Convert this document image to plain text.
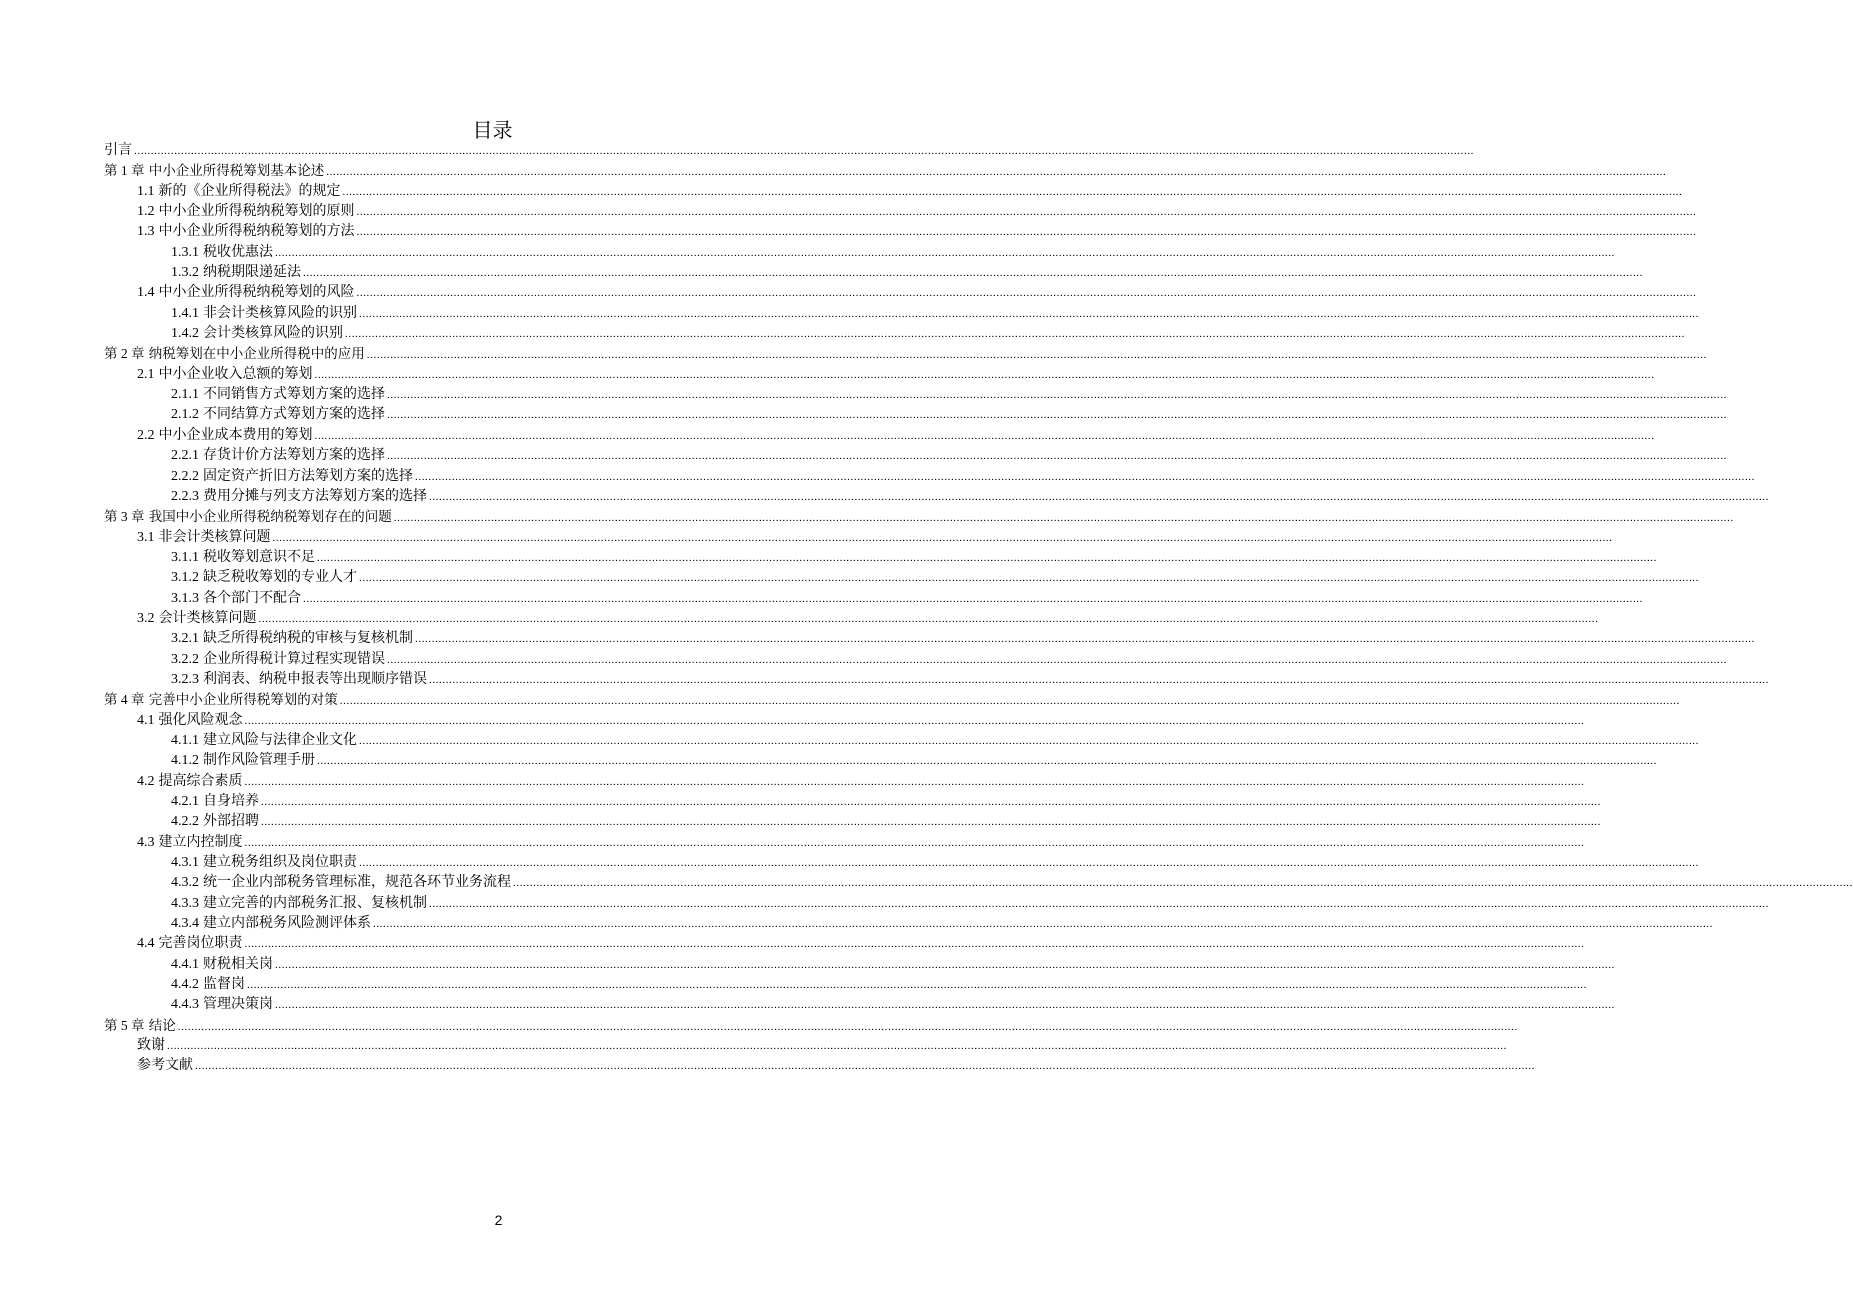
目录
引言 ................................................................................................................................................................................................................................................................................................................................................................................................................
第 1 章 中小企业所得税筹划基本论述 ................................................................................................................................................................................................................................................................................................................................................................................................................
1.1 新的《企业所得税法》的规定 ................................................................................................................................................................................................................................................................................................................................................................................................................
1.2 中小企业所得税纳税筹划的原则 ................................................................................................................................................................................................................................................................................................................................................................................................................
1.3 中小企业所得税纳税筹划的方法 ................................................................................................................................................................................................................................................................................................................................................................................................................
1.3.1 税收优惠法 ................................................................................................................................................................................................................................................................................................................................................................................................................
1.3.2 纳税期限递延法 ................................................................................................................................................................................................................................................................................................................................................................................................................
1.4 中小企业所得税纳税筹划的风险 ................................................................................................................................................................................................................................................................................................................................................................................................................
1.4.1 非会计类核算风险的识别 ................................................................................................................................................................................................................................................................................................................................................................................................................
1.4.2 会计类核算风险的识别 ................................................................................................................................................................................................................................................................................................................................................................................................................
第 2 章 纳税筹划在中小企业所得税中的应用 ................................................................................................................................................................................................................................................................................................................................................................................................................
2.1 中小企业收入总额的筹划 ................................................................................................................................................................................................................................................................................................................................................................................................................
2.1.1 不同销售方式筹划方案的选择 ................................................................................................................................................................................................................................................................................................................................................................................................................
2.1.2 不同结算方式筹划方案的选择 ................................................................................................................................................................................................................................................................................................................................................................................................................
2.2 中小企业成本费用的筹划 ................................................................................................................................................................................................................................................................................................................................................................................................................
2.2.1 存货计价方法筹划方案的选择 ................................................................................................................................................................................................................................................................................................................................................................................................................
2.2.2 固定资产折旧方法筹划方案的选择 ................................................................................................................................................................................................................................................................................................................................................................................................................
2.2.3 费用分摊与列支方法筹划方案的选择 ................................................................................................................................................................................................................................................................................................................................................................................................................
第 3 章 我国中小企业所得税纳税筹划存在的问题 ................................................................................................................................................................................................................................................................................................................................................................................................................
3.1 非会计类核算问题 ................................................................................................................................................................................................................................................................................................................................................................................................................
3.1.1 税收筹划意识不足 ................................................................................................................................................................................................................................................................................................................................................................................................................
3.1.2 缺乏税收筹划的专业人才 ................................................................................................................................................................................................................................................................................................................................................................................................................
3.1.3 各个部门不配合 ................................................................................................................................................................................................................................................................................................................................................................................................................
3.2 会计类核算问题 ................................................................................................................................................................................................................................................................................................................................................................................................................
3.2.1 缺乏所得税纳税的审核与复核机制 ................................................................................................................................................................................................................................................................................................................................................................................................................
3.2.2 企业所得税计算过程实现错误 ................................................................................................................................................................................................................................................................................................................................................................................................................
3.2.3 利润表、纳税申报表等出现顺序错误 ................................................................................................................................................................................................................................................................................................................................................................................................................
第 4 章 完善中小企业所得税筹划的对策 ................................................................................................................................................................................................................................................................................................................................................................................................................
4.1 强化风险观念 ................................................................................................................................................................................................................................................................................................................................................................................................................
4.1.1 建立风险与法律企业文化 ................................................................................................................................................................................................................................................................................................................................................................................................................
4.1.2 制作风险管理手册 ................................................................................................................................................................................................................................................................................................................................................................................................................
4.2 提高综合素质 ................................................................................................................................................................................................................................................................................................................................................................................................................
4.2.1 自身培养 ................................................................................................................................................................................................................................................................................................................................................................................................................
4.2.2 外部招聘 ................................................................................................................................................................................................................................................................................................................................................................................................................
4.3 建立内控制度 ................................................................................................................................................................................................................................................................................................................................................................................................................
4.3.1 建立税务组织及岗位职责 ................................................................................................................................................................................................................................................................................................................................................................................................................
4.3.2 统一企业内部税务管理标准，规范各环节业务流程 ................................................................................................................................................................................................................................................................................................................................................................................................................
4.3.3 建立完善的内部税务汇报、复核机制 ................................................................................................................................................................................................................................................................................................................................................................................................................
4.3.4 建立内部税务风险测评体系 ................................................................................................................................................................................................................................................................................................................................................................................................................
4.4 完善岗位职责 ................................................................................................................................................................................................................................................................................................................................................................................................................
4.4.1 财税相关岗 ................................................................................................................................................................................................................................................................................................................................................................................................................
4.4.2 监督岗 ................................................................................................................................................................................................................................................................................................................................................................................................................
4.4.3 管理决策岗 ................................................................................................................................................................................................................................................................................................................................................................................................................
第 5 章 结论 ................................................................................................................................................................................................................................................................................................................................................................................................................
致谢 ................................................................................................................................................................................................................................................................................................................................................................................................................
参考文献 ................................................................................................................................................................................................................................................................................................................................................................................................................
2
